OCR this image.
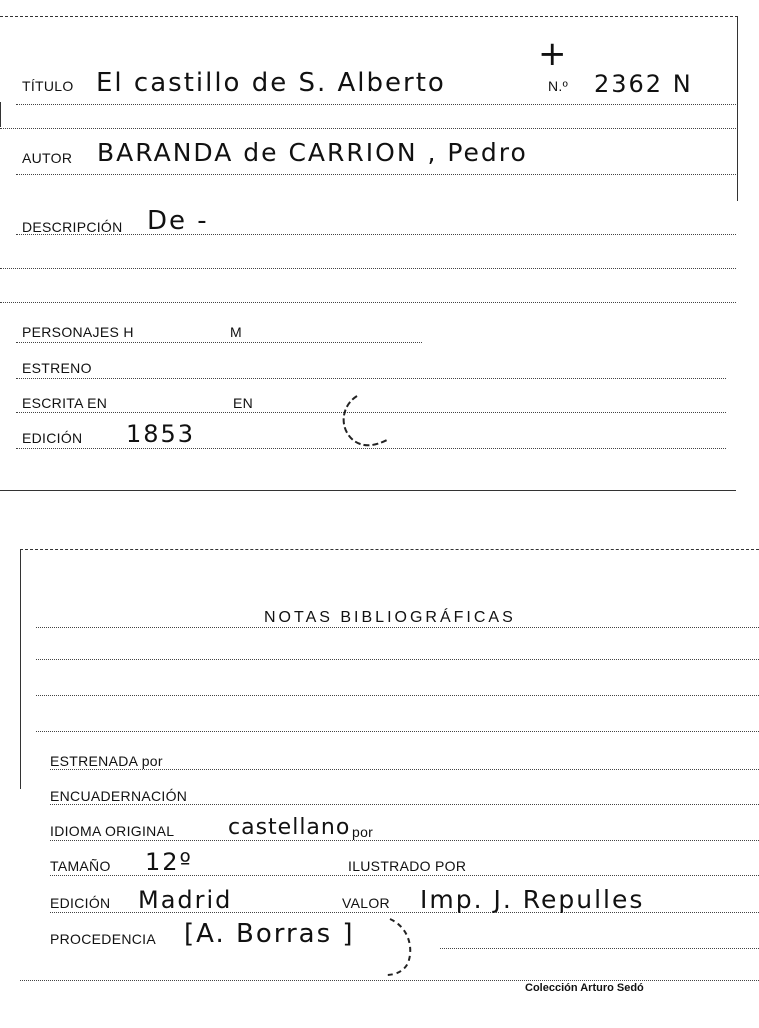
TÍTULO El castillo de S. Alberto
+
N.º 2362 N
AUTOR BARANDA de CARRION , Pedro
DESCRIPCIÓN De -
PERSONAJES H	M
ESTRENO
ESCRITA EN	EN
EDICIÓN 1853
NOTAS BIBLIOGRÁFICAS
ESTRENADA por
ENCUADERNACIÓN
IDIOMA ORIGINAL castellano por
TAMAÑO 12º	ILUSTRADO POR
EDICIÓN Madrid	VALOR Imp. J. Repulles
PROCEDENCIA [A. Borras ]
Colección Arturo Sedó
